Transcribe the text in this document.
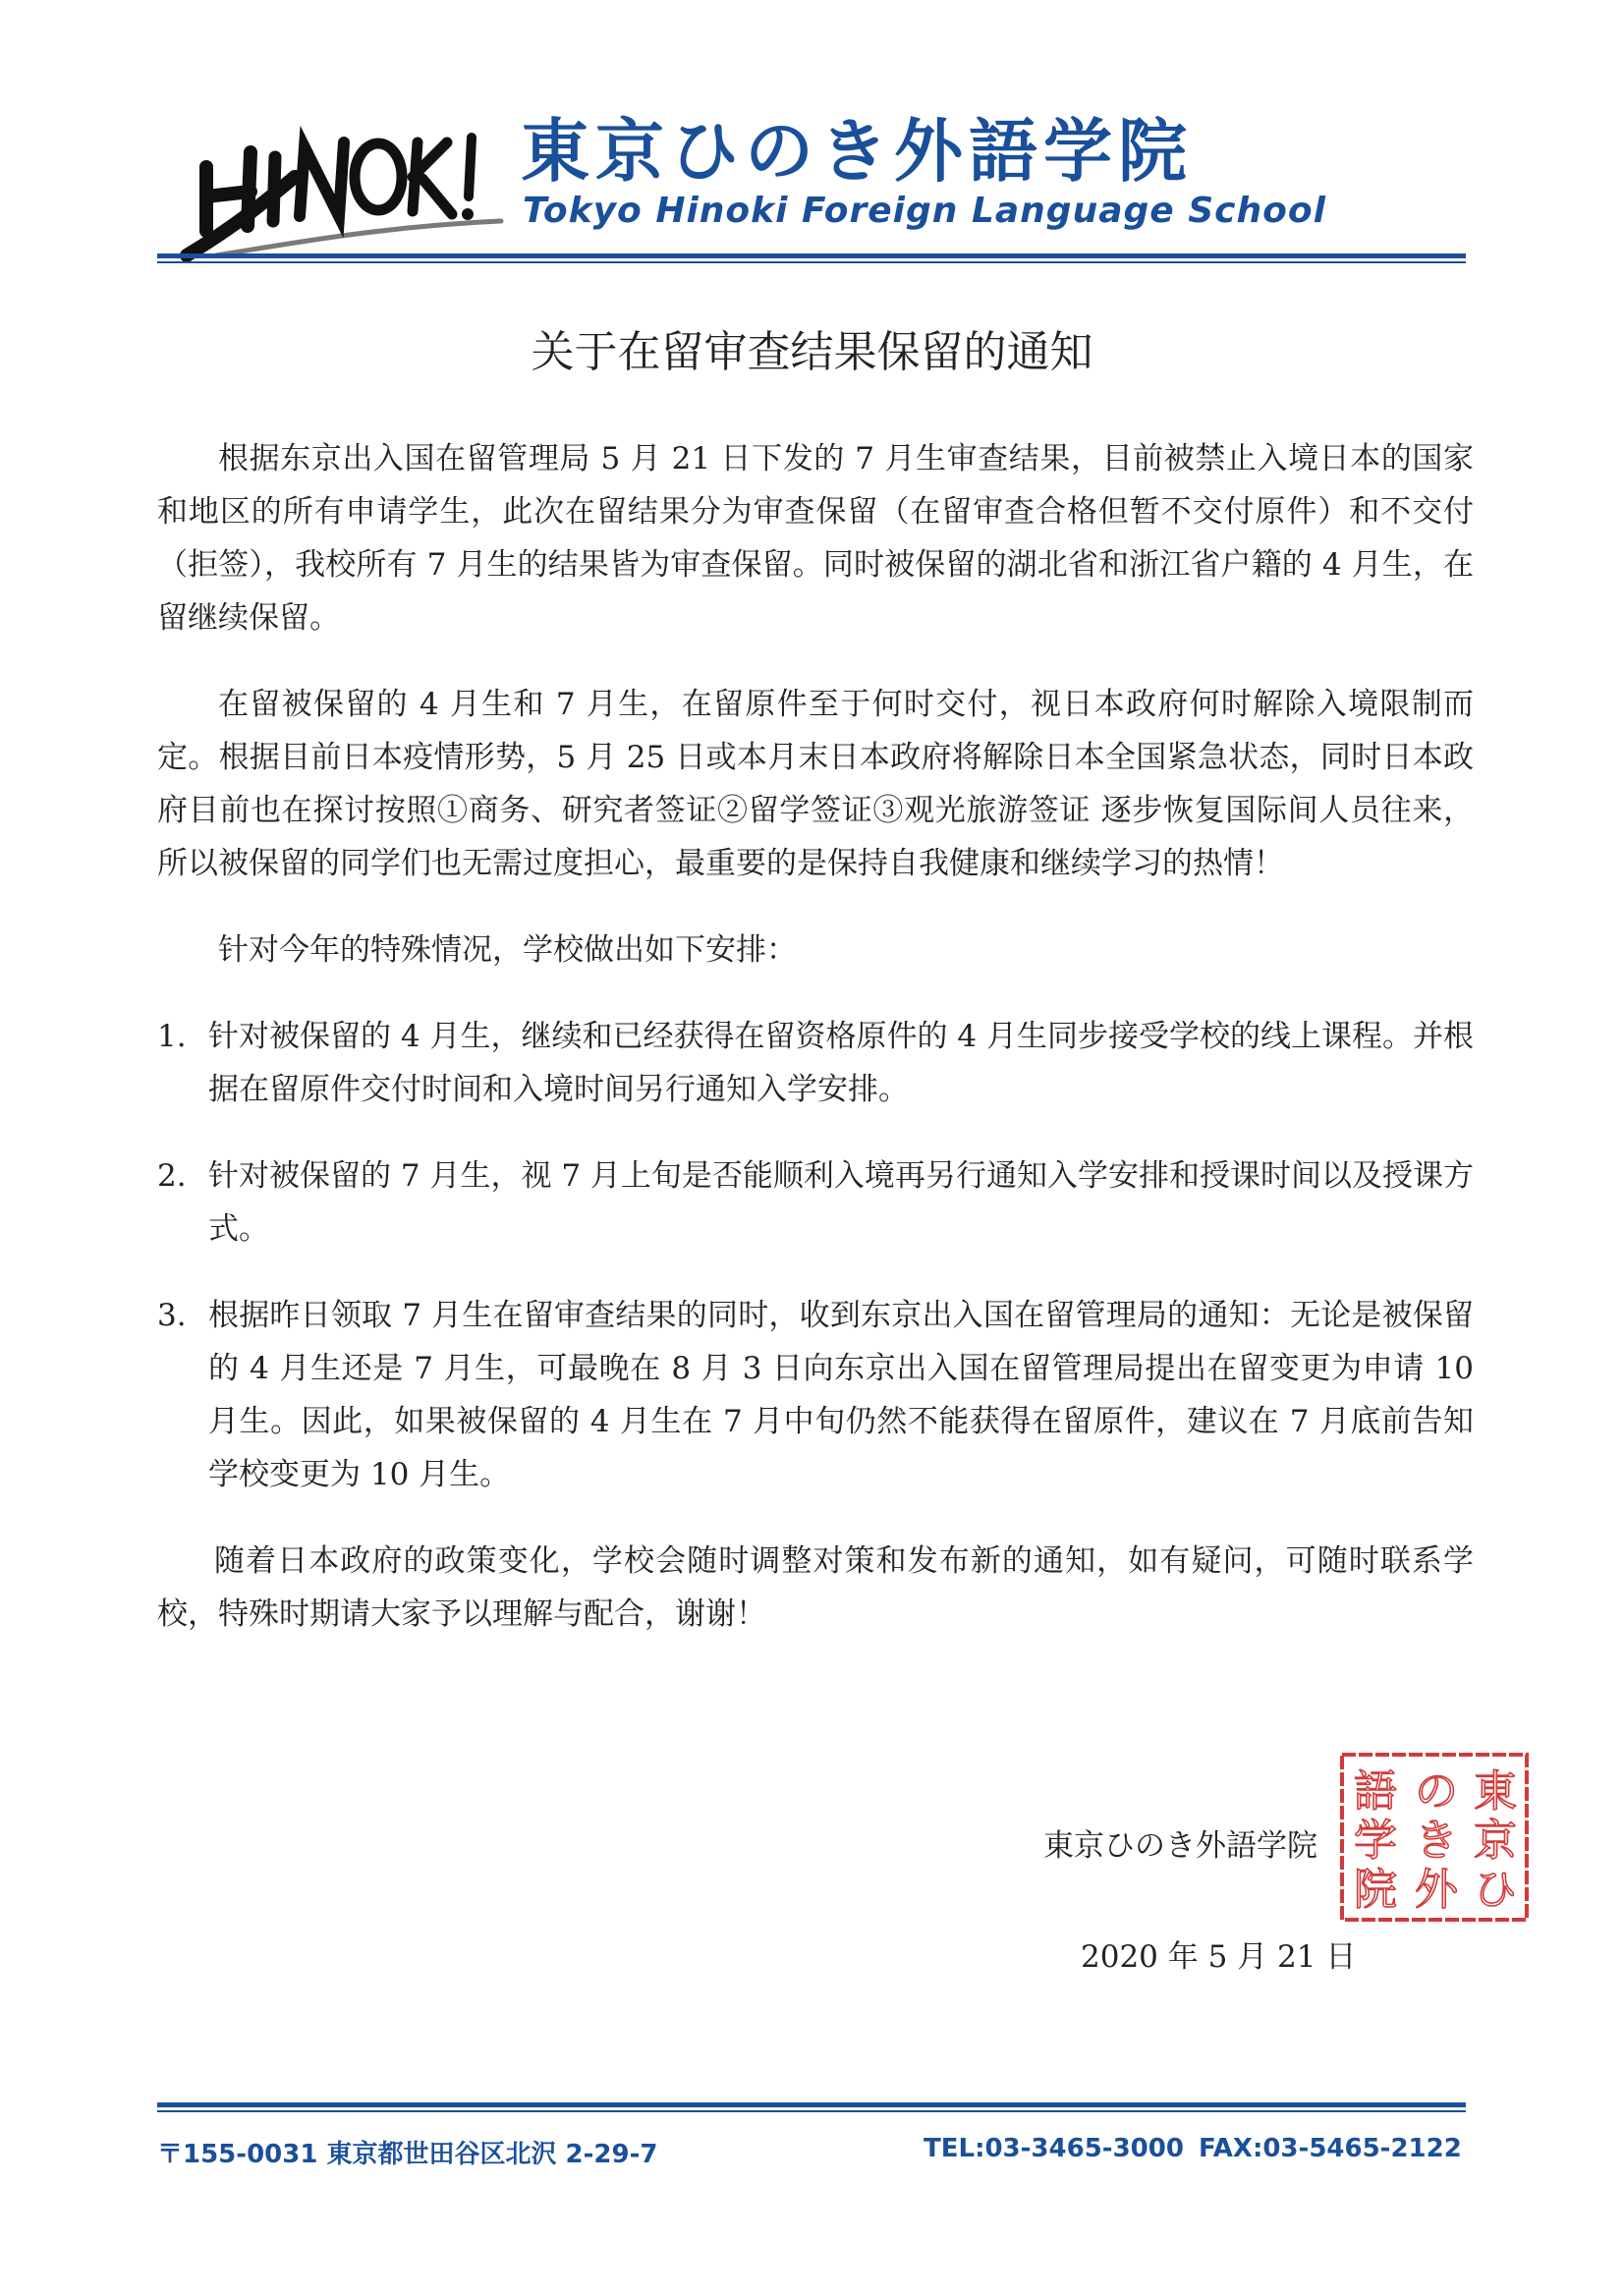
東京ひのき外語学院
Tokyo Hinoki Foreign Language School
关于在留审查结果保留的通知

根据东京出入国在留管理局 5 月 21 日下发的 7 月生审查结果，目前被禁止入境日本的国家和地区的所有申请学生，此次在留结果分为审查保留（在留审查合格但暂不交付原件）和不交付（拒签），我校所有 7 月生的结果皆为审查保留。同时被保留的湖北省和浙江省户籍的 4 月生，在留继续保留。

在留被保留的 4 月生和 7 月生，在留原件至于何时交付，视日本政府何时解除入境限制而定。根据目前日本疫情形势，5 月 25 日或本月末日本政府将解除日本全国紧急状态，同时日本政府目前也在探讨按照①商务、研究者签证②留学签证③观光旅游签证 逐步恢复国际间人员往来，所以被保留的同学们也无需过度担心，最重要的是保持自我健康和继续学习的热情！

针对今年的特殊情况，学校做出如下安排：

1. 针对被保留的 4 月生，继续和已经获得在留资格原件的 4 月生同步接受学校的线上课程。并根据在留原件交付时间和入境时间另行通知入学安排。
2. 针对被保留的 7 月生，视 7 月上旬是否能顺利入境再另行通知入学安排和授课时间以及授课方式。
3. 根据昨日领取 7 月生在留审查结果的同时，收到东京出入国在留管理局的通知：无论是被保留的 4 月生还是 7 月生，可最晚在 8 月 3 日向东京出入国在留管理局提出在留变更为申请 10 月生。因此，如果被保留的 4 月生在 7 月中旬仍然不能获得在留原件，建议在 7 月底前告知学校变更为 10 月生。

随着日本政府的政策变化，学校会随时调整对策和发布新的通知，如有疑问，可随时联系学校，特殊时期请大家予以理解与配合，谢谢！

東京ひのき外語学院
東
京
ひ
の
き
外
語
学
院
2020 年 5 月 21 日
〒155-0031 東京都世田谷区北沢 2-29-7	TEL:03-3465-3000 FAX:03-5465-2122
